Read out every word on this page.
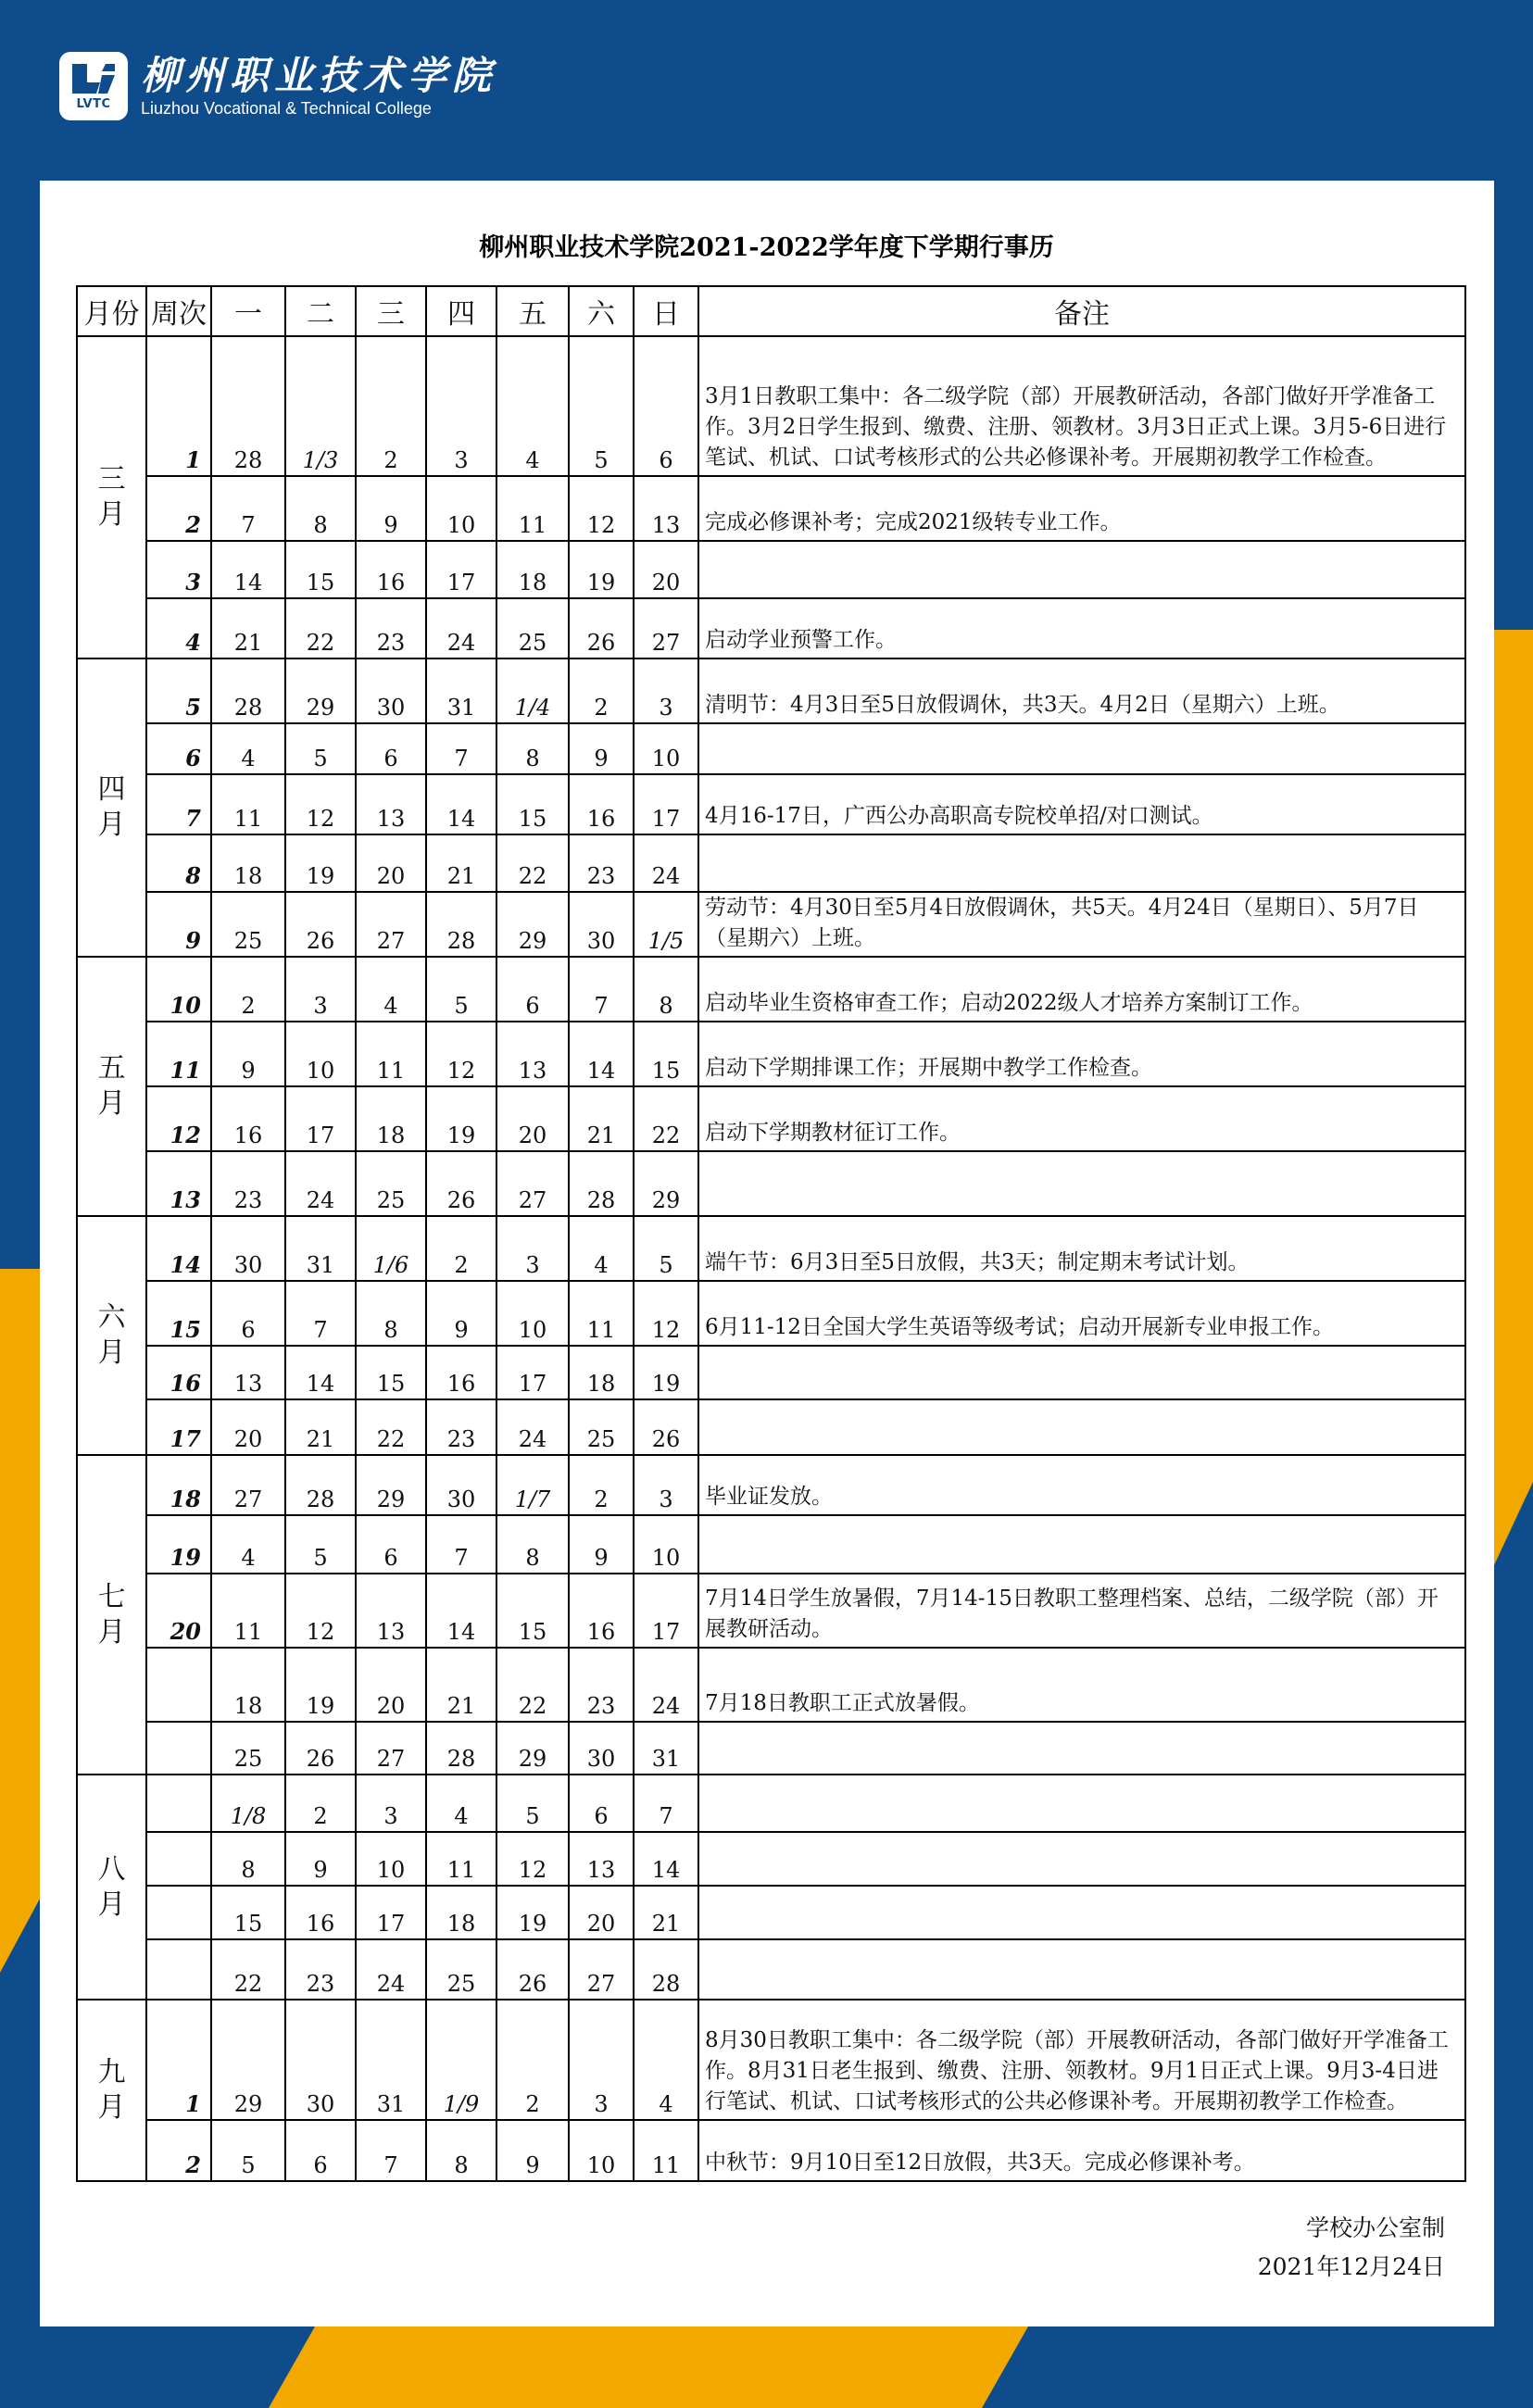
LVTC
柳州职业技术学院
Liuzhou Vocational & Technical College
柳州职业技术学院2021-2022学年度下学期行事历
月份	周次	一	二	三	四	五	六	日	备注
三
月	1	28	1/3	2	3	4	5	6	3月1日教职工集中：各二级学院（部）开展教研活动，各部门做好开学准备工作。3月2日学生报到、缴费、注册、领教材。3月3日正式上课。3月5-6日进行笔试、机试、口试考核形式的公共必修课补考。开展期初教学工作检查。
	2	7	8	9	10	11	12	13	完成必修课补考；完成2021级转专业工作。
	3	14	15	16	17	18	19	20	
	4	21	22	23	24	25	26	27	启动学业预警工作。
四
月	5	28	29	30	31	1/4	2	3	清明节：4月3日至5日放假调休，共3天。4月2日（星期六）上班。
	6	4	5	6	7	8	9	10	
	7	11	12	13	14	15	16	17	4月16-17日，广西公办高职高专院校单招/对口测试。
	8	18	19	20	21	22	23	24	
	9	25	26	27	28	29	30	1/5	劳动节：4月30日至5月4日放假调休，共5天。4月24日（星期日）、5月7日（星期六）上班。
五
月	10	2	3	4	5	6	7	8	启动毕业生资格审查工作；启动2022级人才培养方案制订工作。
	11	9	10	11	12	13	14	15	启动下学期排课工作；开展期中教学工作检查。
	12	16	17	18	19	20	21	22	启动下学期教材征订工作。
	13	23	24	25	26	27	28	29	
六
月	14	30	31	1/6	2	3	4	5	端午节：6月3日至5日放假，共3天；制定期末考试计划。
	15	6	7	8	9	10	11	12	6月11-12日全国大学生英语等级考试；启动开展新专业申报工作。
	16	13	14	15	16	17	18	19	
	17	20	21	22	23	24	25	26	
七
月	18	27	28	29	30	1/7	2	3	毕业证发放。
	19	4	5	6	7	8	9	10	
	20	11	12	13	14	15	16	17	7月14日学生放暑假，7月14-15日教职工整理档案、总结，二级学院（部）开展教研活动。
		18	19	20	21	22	23	24	7月18日教职工正式放暑假。
		25	26	27	28	29	30	31	
八
月		1/8	2	3	4	5	6	7	
		8	9	10	11	12	13	14	
		15	16	17	18	19	20	21	
		22	23	24	25	26	27	28	
九
月	1	29	30	31	1/9	2	3	4	8月30日教职工集中：各二级学院（部）开展教研活动，各部门做好开学准备工作。8月31日老生报到、缴费、注册、领教材。9月1日正式上课。9月3-4日进行笔试、机试、口试考核形式的公共必修课补考。开展期初教学工作检查。
	2	5	6	7	8	9	10	11	中秋节：9月10日至12日放假，共3天。完成必修课补考。
学校办公室制
2021年12月24日
